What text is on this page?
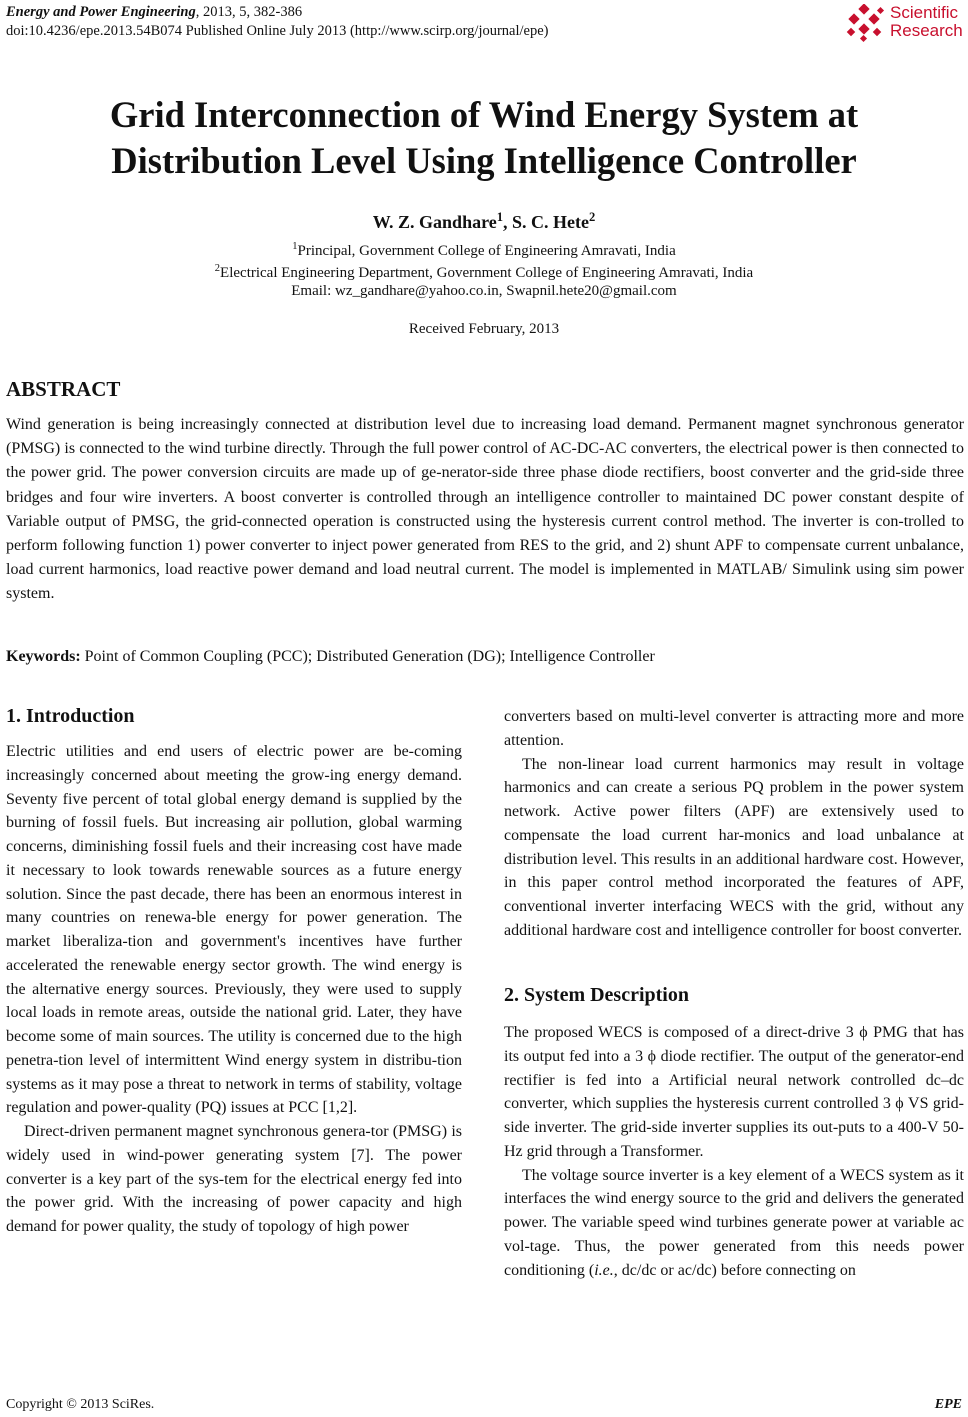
Energy and Power Engineering, 2013, 5, 382-386
doi:10.4236/epe.2013.54B074 Published Online July 2013 (http://www.scirp.org/journal/epe)
Scientific
Research
Grid Interconnection of Wind Energy System at
Distribution Level Using Intelligence Controller
W. Z. Gandhare$^1$, S. C. Hete$^2$
$^1$Principal, Government College of Engineering Amravati, India
$^2$Electrical Engineering Department, Government College of Engineering Amravati, India
Email: wz_gandhare@yahoo.co.in, Swapnil.hete20@gmail.com
Received February, 2013
ABSTRACT
Wind generation is being increasingly connected at distribution level due to increasing load demand. Permanent magnet synchronous generator (PMSG) is connected to the wind turbine directly. Through the full power control of AC-DC-AC converters, the electrical power is then connected to the power grid. The power conversion circuits are made up of ge-nerator-side three phase diode rectifiers, boost converter and the grid-side three bridges and four wire inverters. A boost converter is controlled through an intelligence controller to maintained DC power constant despite of Variable output of PMSG, the grid-connected operation is constructed using the hysteresis current control method. The inverter is con-trolled to perform following function 1) power converter to inject power generated from RES to the grid, and 2) shunt APF to compensate current unbalance, load current harmonics, load reactive power demand and load neutral current. The model is implemented in MATLAB/ Simulink using sim power system.
Keywords: Point of Common Coupling (PCC); Distributed Generation (DG); Intelligence Controller
1. Introduction

Electric utilities and end users of electric power are be-coming increasingly concerned about meeting the grow-ing energy demand. Seventy five percent of total global energy demand is supplied by the burning of fossil fuels. But increasing air pollution, global warming concerns, diminishing fossil fuels and their increasing cost have made it necessary to look towards renewable sources as a future energy solution. Since the past decade, there has been an enormous interest in many countries on renewa-ble energy for power generation. The market liberaliza-tion and government's incentives have further accelerated the renewable energy sector growth. The wind energy is the alternative energy sources. Previously, they were used to supply local loads in remote areas, outside the national grid. Later, they have become some of main sources. The utility is concerned due to the high penetra-tion level of intermittent Wind energy system in distribu-tion systems as it may pose a threat to network in terms of stability, voltage regulation and power-quality (PQ) issues at PCC [1,2].

Direct-driven permanent magnet synchronous genera-tor (PMSG) is widely used in wind-power generating system [7]. The power converter is a key part of the sys-tem for the electrical energy fed into the power grid. With the increasing of power capacity and high demand for power quality, the study of topology of high power

converters based on multi-level converter is attracting more and more attention.

The non-linear load current harmonics may result in voltage harmonics and can create a serious PQ problem in the power system network. Active power filters (APF) are extensively used to compensate the load current har-monics and load unbalance at distribution level. This results in an additional hardware cost. However, in this paper control method incorporated the features of APF, conventional inverter interfacing WECS with the grid, without any additional hardware cost and intelligence controller for boost converter.

2. System Description

The proposed WECS is composed of a direct-drive 3 ϕ PMG that has its output fed into a 3 ϕ diode rectifier. The output of the generator-end rectifier is fed into a Artificial neural network controlled dc–dc converter, which supplies the hysteresis current controlled 3 ϕ VS grid-side inverter. The grid-side inverter supplies its out-puts to a 400-V 50-Hz grid through a Transformer.

The voltage source inverter is a key element of a WECS system as it interfaces the wind energy source to the grid and delivers the generated power. The variable speed wind turbines generate power at variable ac vol-tage. Thus, the power generated from this needs power conditioning (i.e., dc/dc or ac/dc) before connecting on

Copyright © 2013 SciRes.	EPE
